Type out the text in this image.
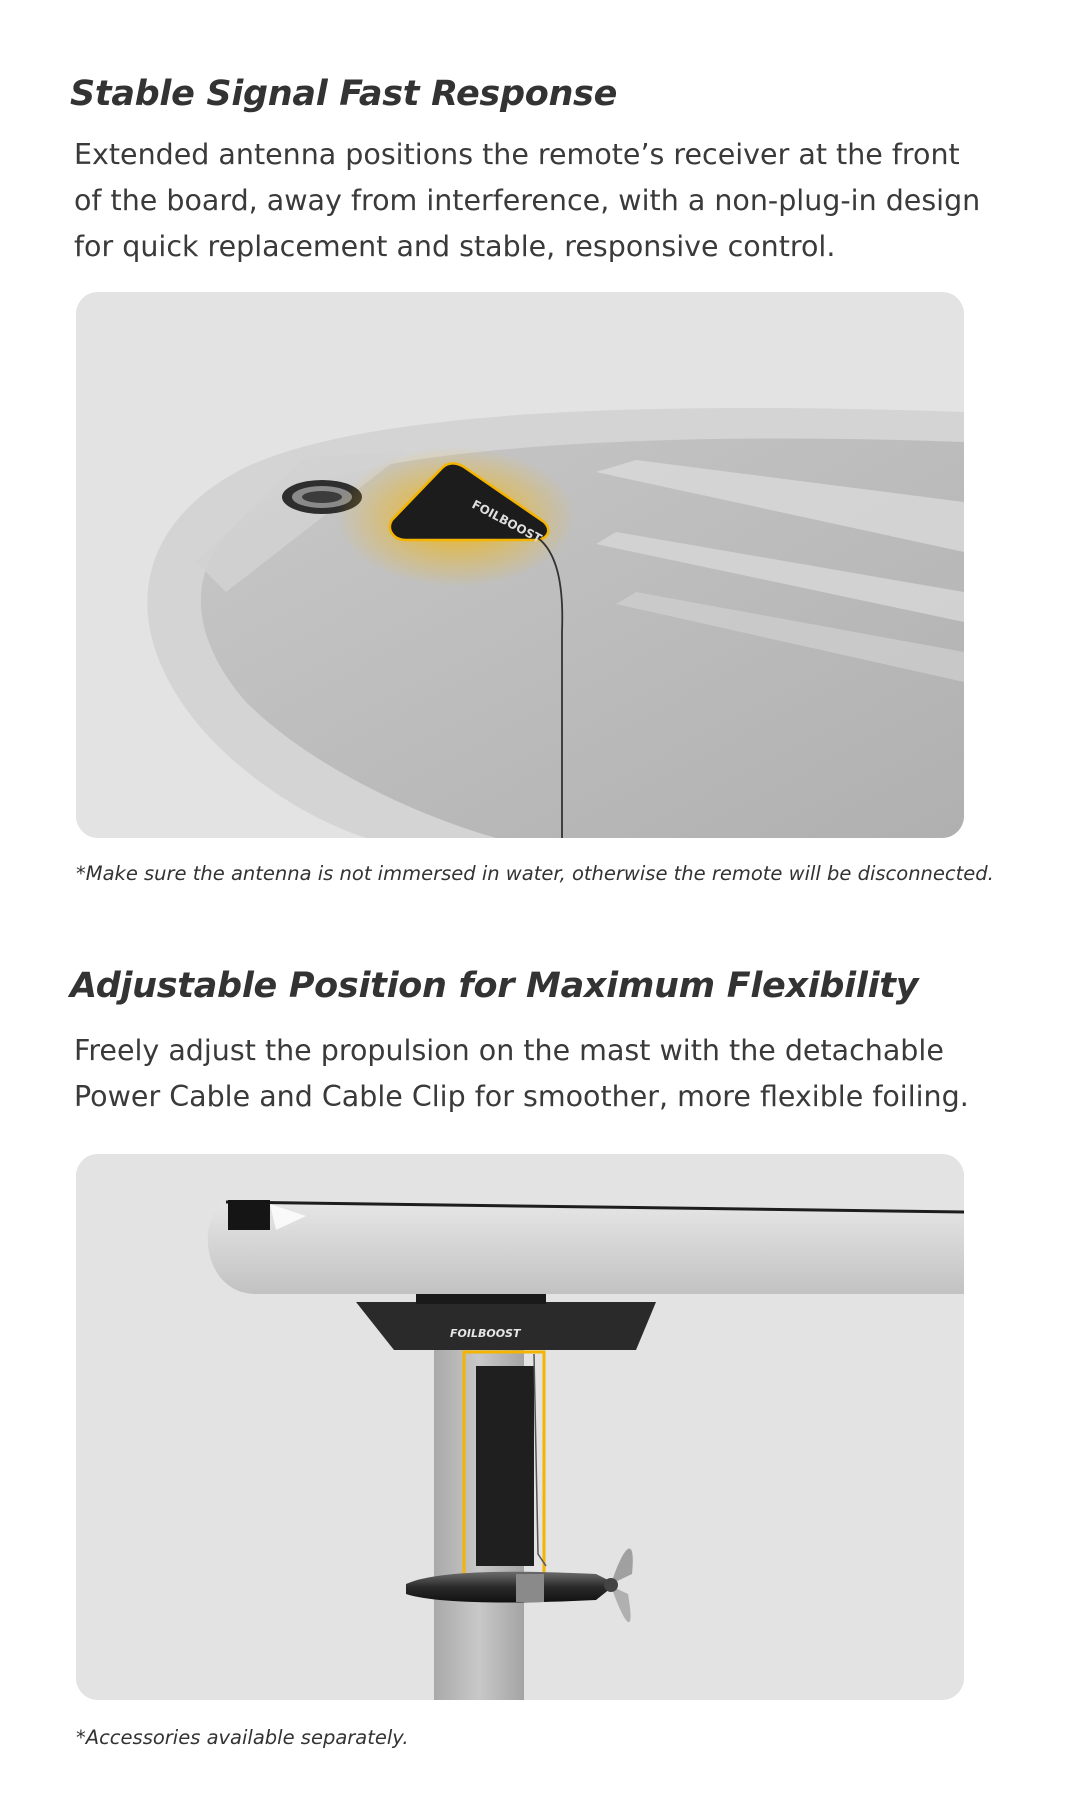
Stable Signal Fast Response

Extended antenna positions the remote’s receiver at the front of the board, away from interference, with a non-plug-in design for quick replacement and stable, responsive control.

FOILBOOST

*Make sure the antenna is not immersed in water, otherwise the remote will be disconnected.

Adjustable Position for Maximum Flexibility

Freely adjust the propulsion on the mast with the detachable Power Cable and Cable Clip for smoother, more flexible foiling.

FOILBOOST

*Accessories available separately.
